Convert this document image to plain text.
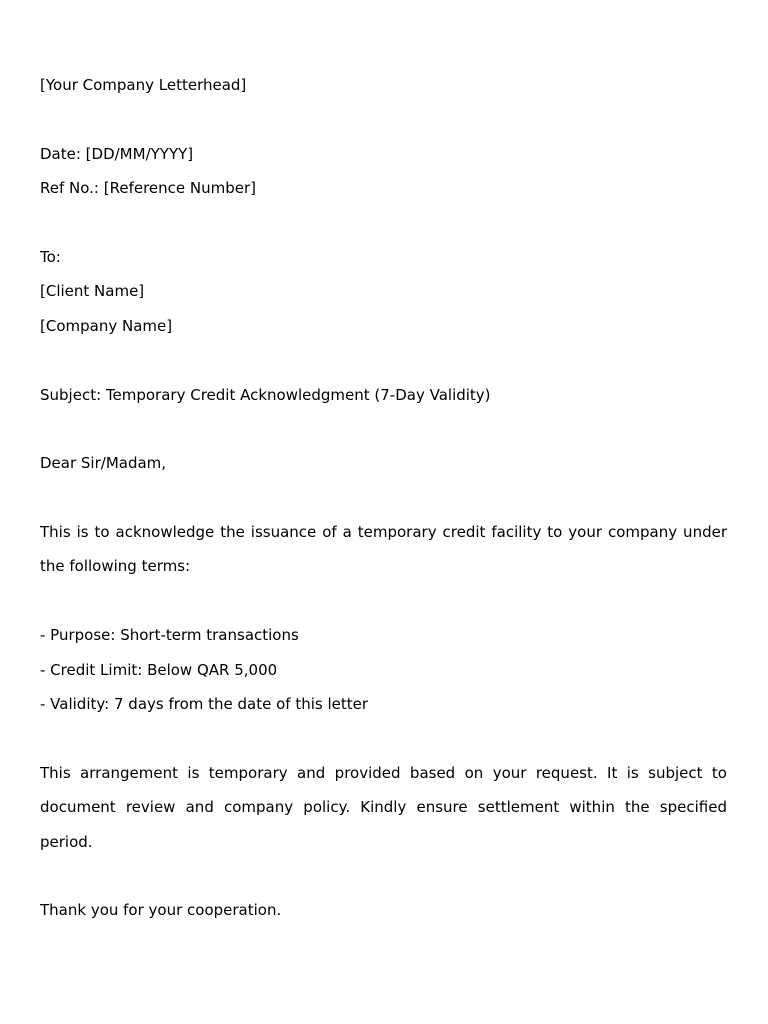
[Your Company Letterhead]
Date: [DD/MM/YYYY]
Ref No.: [Reference Number]
To:
[Client Name]
[Company Name]
Subject: Temporary Credit Acknowledgment (7-Day Validity)
Dear Sir/Madam,

This is to acknowledge the issuance of a temporary credit facility to your company under the following terms:

- Purpose: Short-term transactions
- Credit Limit: Below QAR 5,000
- Validity: 7 days from the date of this letter

This arrangement is temporary and provided based on your request. It is subject to document review and company policy. Kindly ensure settlement within the specified period.

Thank you for your cooperation.
